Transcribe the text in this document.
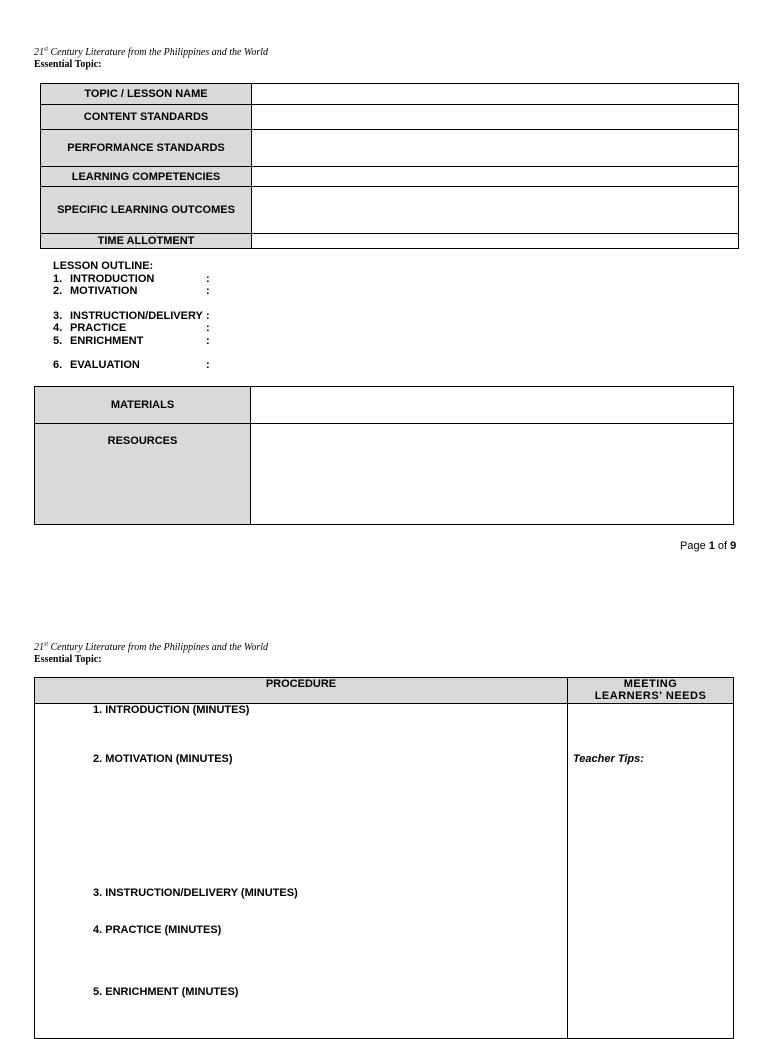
21st Century Literature from the Philippines and the World
Essential Topic:
TOPIC / LESSON NAME	
CONTENT STANDARDS	
PERFORMANCE STANDARDS	
LEARNING COMPETENCIES	
SPECIFIC LEARNING OUTCOMES	
TIME ALLOTMENT	
LESSON OUTLINE:
1. INTRODUCTION	:
2. MOTIVATION	:
3. INSTRUCTION/DELIVERY :
4. PRACTICE	:
5. ENRICHMENT	:
6. EVALUATION	:
MATERIALS	
RESOURCES	
Page 1 of 9
21st Century Literature from the Philippines and the World
Essential Topic:
PROCEDURE	MEETING
LEARNERS' NEEDS
1. INTRODUCTION (MINUTES)
2. MOTIVATION (MINUTES)
3. INSTRUCTION/DELIVERY (MINUTES)
4. PRACTICE (MINUTES)
5. ENRICHMENT (MINUTES)
Teacher Tips:
